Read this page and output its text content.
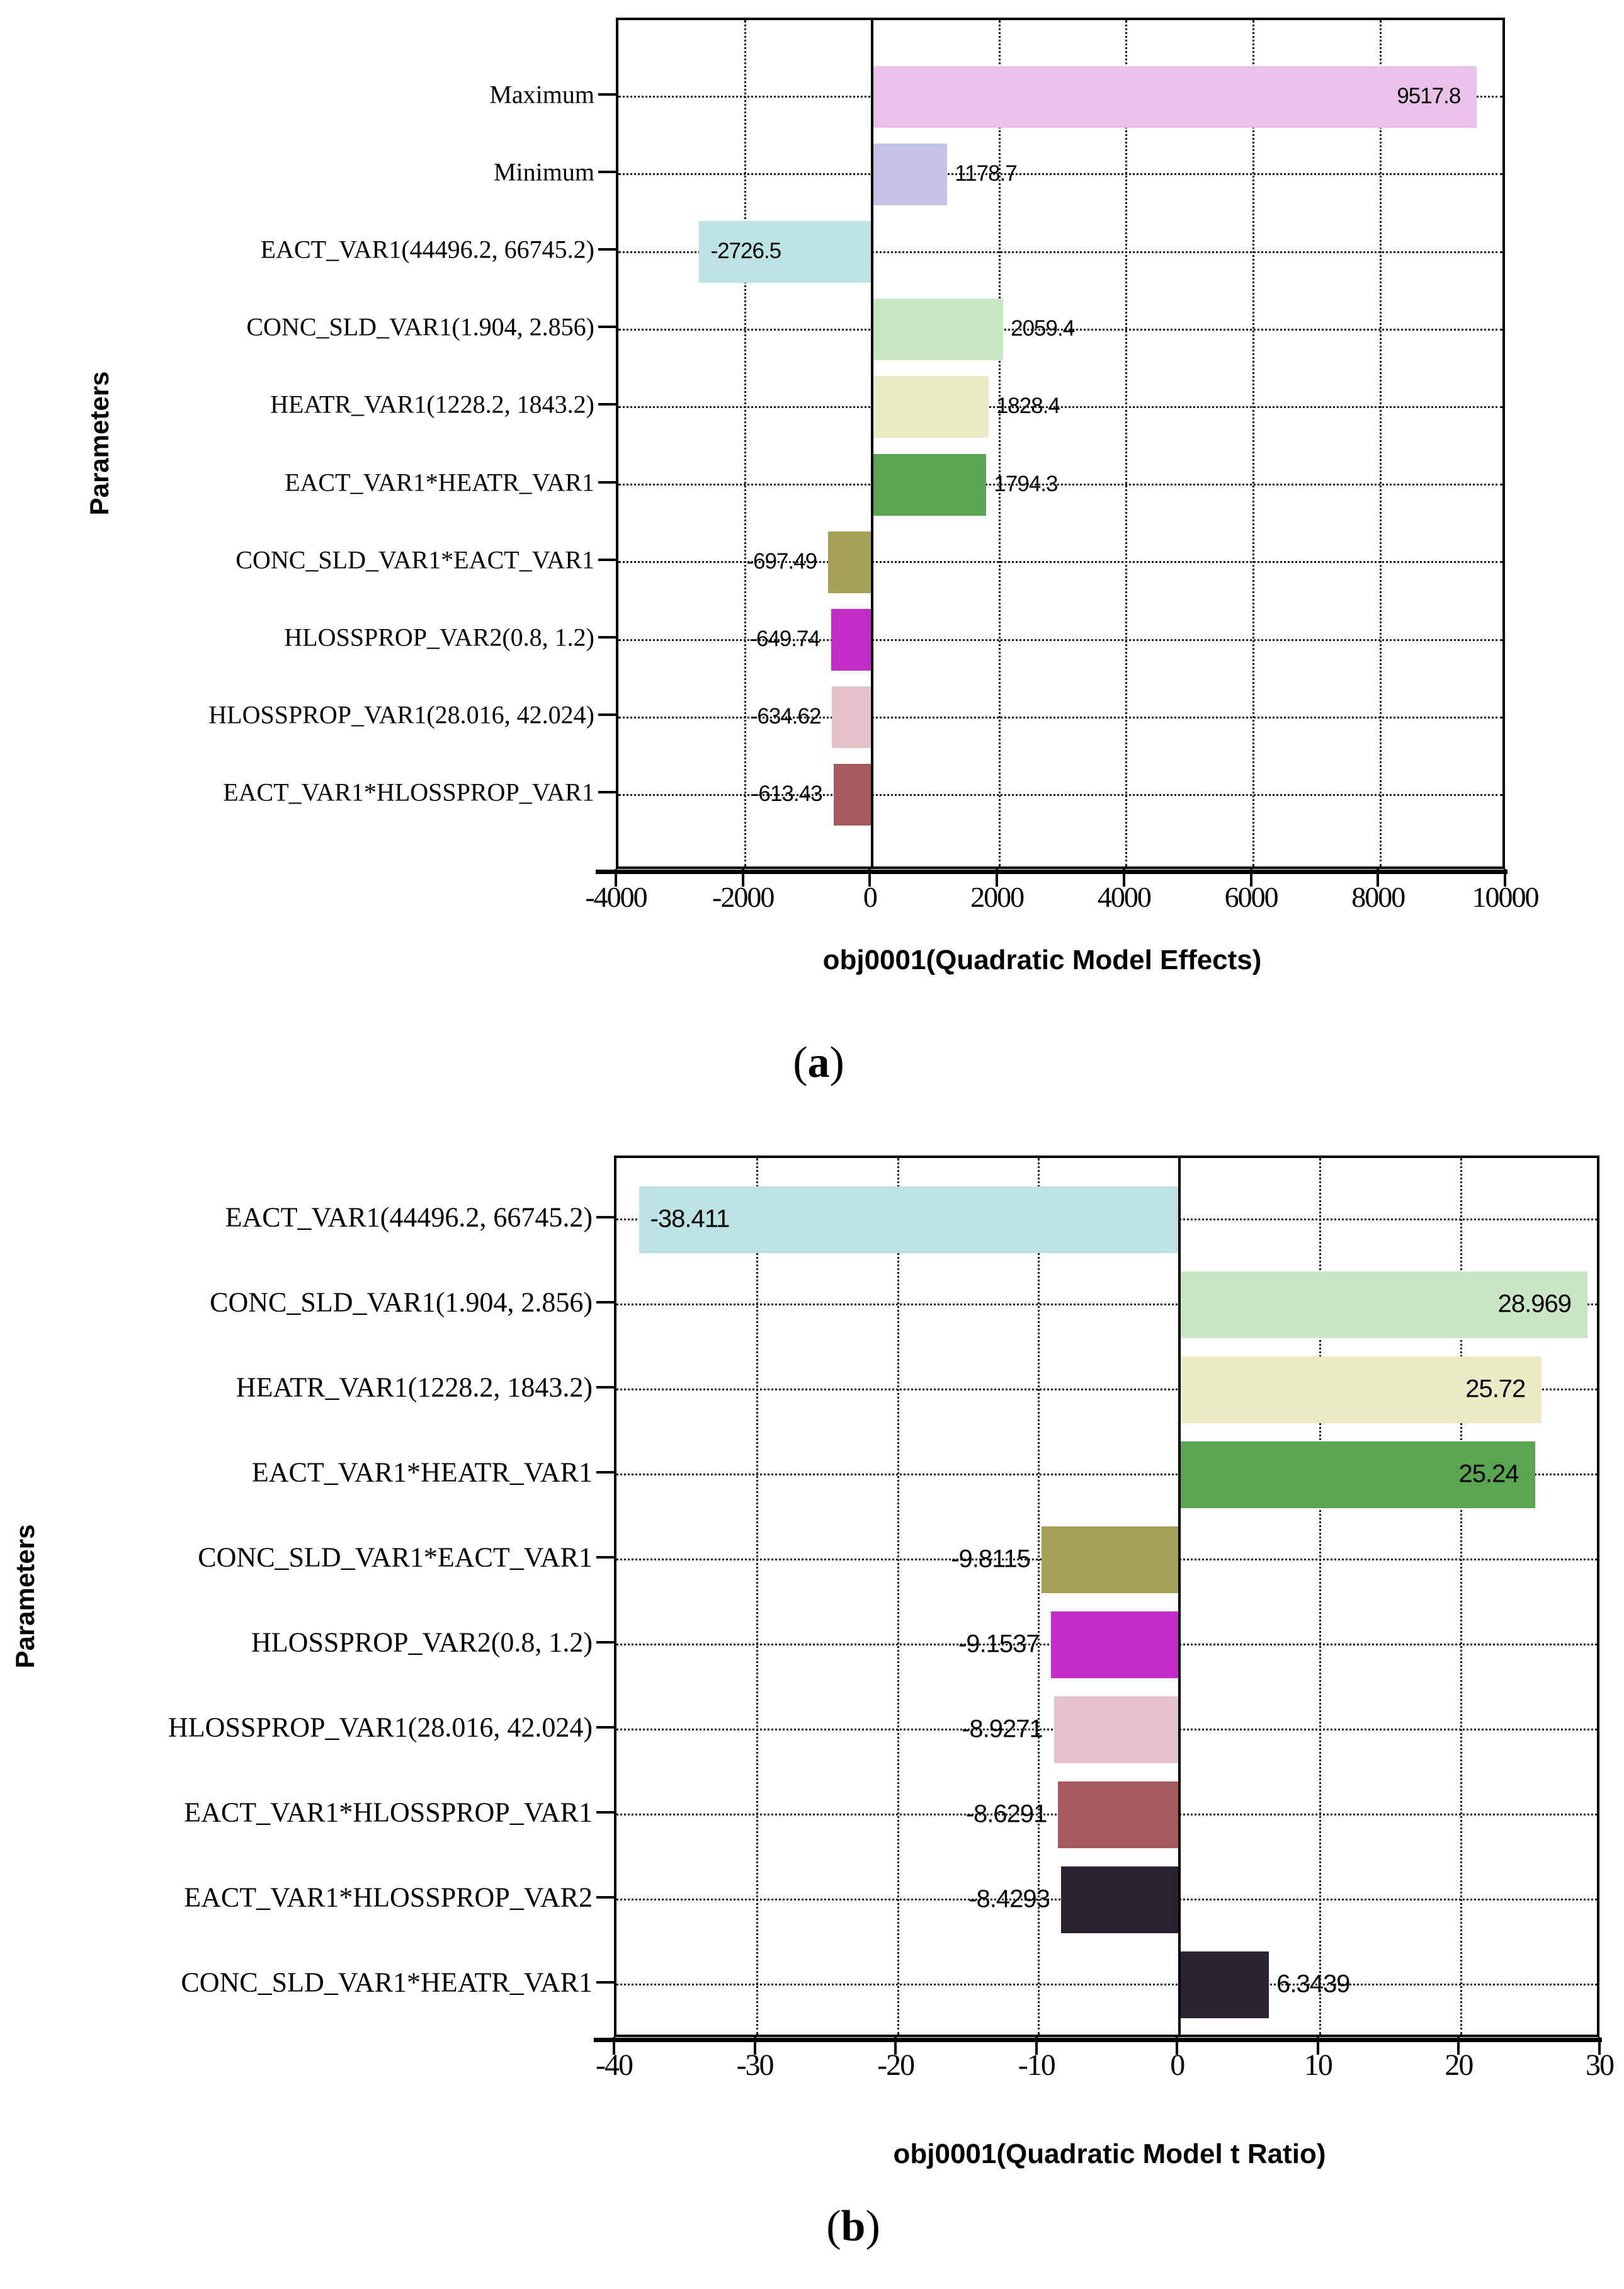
Parameters
obj0001(Quadratic Model Effects)
(a)
9517.8
1178.7
-2726.5
2059.4
1828.4
1794.3
-697.49
-649.74
-634.62
-613.43
-4000 -2000	0	2000	4000	6000	8000 10000
Maximum
Minimum
EACT_VAR1(44496.2, 66745.2)
CONC_SLD_VAR1(1.904, 2.856)
HEATR_VAR1(1228.2, 1843.2)
EACT_VAR1*HEATR_VAR1
CONC_SLD_VAR1*EACT_VAR1
HLOSSPROP_VAR2(0.8, 1.2)
HLOSSPROP_VAR1(28.016, 42.024)
EACT_VAR1*HLOSSPROP_VAR1
Parameters
obj0001(Quadratic Model t Ratio)
(b)
-38.411
28.969
25.72
25.24
-9.8115
-9.1537
-8.9271
-8.6291
-8.4293
6.3439
-40	-30	-20	-10	0	10	20	30
EACT_VAR1(44496.2, 66745.2)
CONC_SLD_VAR1(1.904, 2.856)
HEATR_VAR1(1228.2, 1843.2)
EACT_VAR1*HEATR_VAR1
CONC_SLD_VAR1*EACT_VAR1
HLOSSPROP_VAR2(0.8, 1.2)
HLOSSPROP_VAR1(28.016, 42.024)
EACT_VAR1*HLOSSPROP_VAR1
EACT_VAR1*HLOSSPROP_VAR2
CONC_SLD_VAR1*HEATR_VAR1
